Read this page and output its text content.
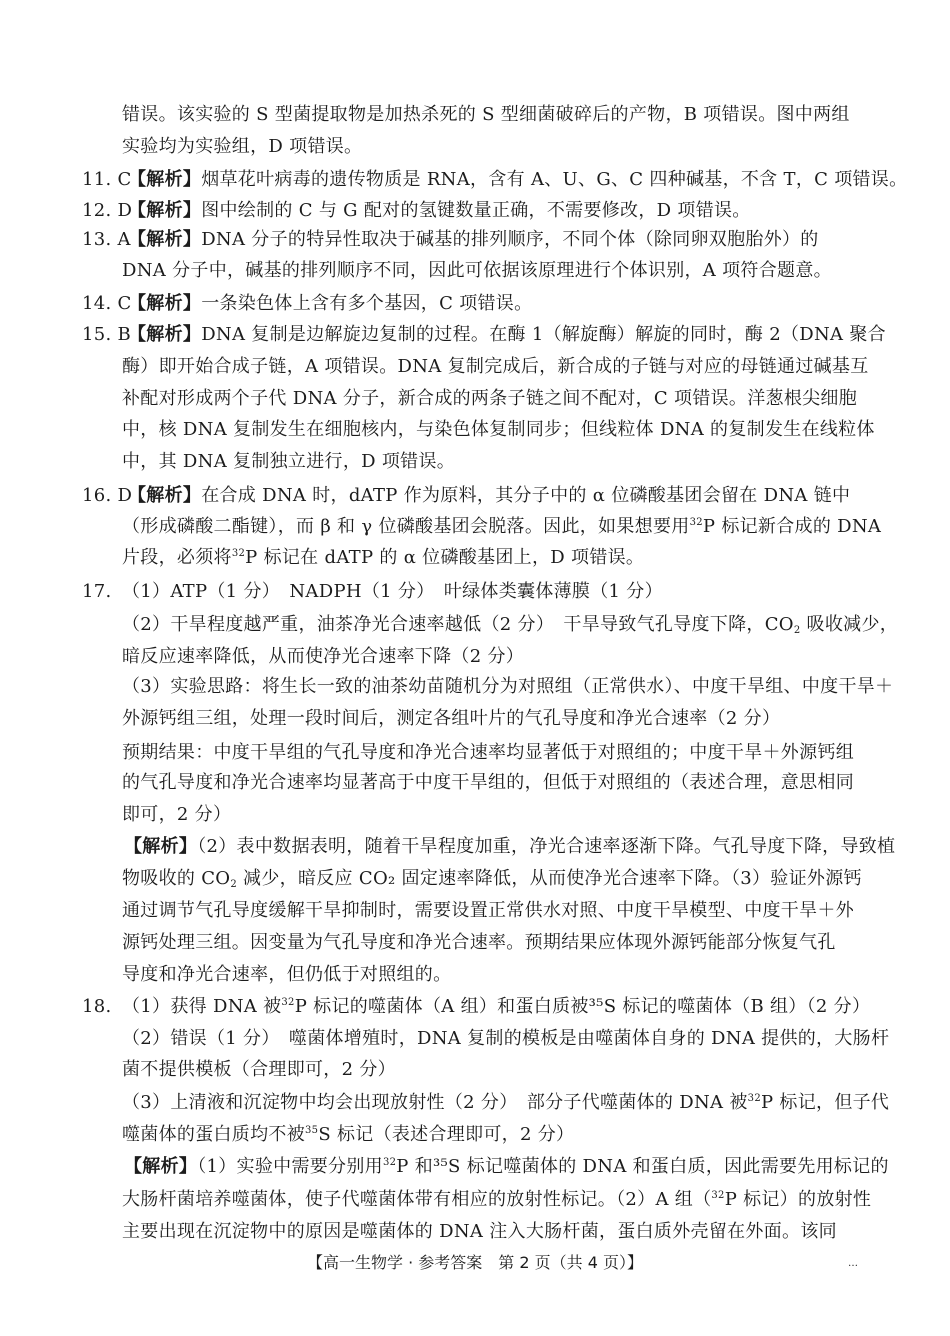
错误。该实验的 S 型菌提取物是加热杀死的 S 型细菌破碎后的产物，B 项错误。图中两组
实验均为实验组，D 项错误。
11. C【解析】烟草花叶病毒的遗传物质是 RNA，含有 A、U、G、C 四种碱基，不含 T，C 项错误。
12. D【解析】图中绘制的 C 与 G 配对的氢键数量正确，不需要修改，D 项错误。
13. A【解析】DNA 分子的特异性取决于碱基的排列顺序，不同个体（除同卵双胞胎外）的
DNA 分子中，碱基的排列顺序不同，因此可依据该原理进行个体识别，A 项符合题意。
14. C【解析】一条染色体上含有多个基因，C 项错误。
15. B【解析】DNA 复制是边解旋边复制的过程。在酶 1（解旋酶）解旋的同时，酶 2（DNA 聚合
酶）即开始合成子链，A 项错误。DNA 复制完成后，新合成的子链与对应的母链通过碱基互
补配对形成两个子代 DNA 分子，新合成的两条子链之间不配对，C 项错误。洋葱根尖细胞
中，核 DNA 复制发生在细胞核内，与染色体复制同步；但线粒体 DNA 的复制发生在线粒体
中，其 DNA 复制独立进行，D 项错误。
16. D【解析】在合成 DNA 时，dATP 作为原料，其分子中的 α 位磷酸基团会留在 DNA 链中
（形成磷酸二酯键），而 β 和 γ 位磷酸基团会脱落。因此，如果想要用$^{32}$P 标记新合成的 DNA
片段，必须将$^{32}$P 标记在 dATP 的 α 位磷酸基团上，D 项错误。
17. （1）ATP（1 分）　NADPH（1 分）　叶绿体类囊体薄膜（1 分）
（2）干旱程度越严重，油茶净光合速率越低（2 分）　干旱导致气孔导度下降，$CO_2$ 吸收减少，
暗反应速率降低，从而使净光合速率下降（2 分）
（3）实验思路：将生长一致的油茶幼苗随机分为对照组（正常供水）、中度干旱组、中度干旱＋
外源钙组三组，处理一段时间后，测定各组叶片的气孔导度和净光合速率（2 分）
预期结果：中度干旱组的气孔导度和净光合速率均显著低于对照组的；中度干旱＋外源钙组
的气孔导度和净光合速率均显著高于中度干旱组的，但低于对照组的（表述合理，意思相同
即可，2 分）
【解析】（2）表中数据表明，随着干旱程度加重，净光合速率逐渐下降。气孔导度下降，导致植
物吸收的 $CO_2$ 减少，暗反应 CO₂ 固定速率降低，从而使净光合速率下降。（3）验证外源钙
通过调节气孔导度缓解干旱抑制时，需要设置正常供水对照、中度干旱模型、中度干旱＋外
源钙处理三组。因变量为气孔导度和净光合速率。预期结果应体现外源钙能部分恢复气孔
导度和净光合速率，但仍低于对照组的。
18. （1）获得 DNA 被$^{32}$P 标记的噬菌体（A 组）和蛋白质被³⁵S 标记的噬菌体（B 组）（2 分）
（2）错误（1 分）　噬菌体增殖时，DNA 复制的模板是由噬菌体自身的 DNA 提供的，大肠杆
菌不提供模板（合理即可，2 分）
（3）上清液和沉淀物中均会出现放射性（2 分）　部分子代噬菌体的 DNA 被$^{32}$P 标记，但子代
噬菌体的蛋白质均不被$^{35}$S 标记（表述合理即可，2 分）
【解析】（1）实验中需要分别用$^{32}$P 和³⁵S 标记噬菌体的 DNA 和蛋白质，因此需要先用标记的
大肠杆菌培养噬菌体，使子代噬菌体带有相应的放射性标记。（2）A 组（$^{32}$P 标记）的放射性
主要出现在沉淀物中的原因是噬菌体的 DNA 注入大肠杆菌，蛋白质外壳留在外面。该同
【高一生物学 · 参考答案　第 2 页（共 4 页）】	…
